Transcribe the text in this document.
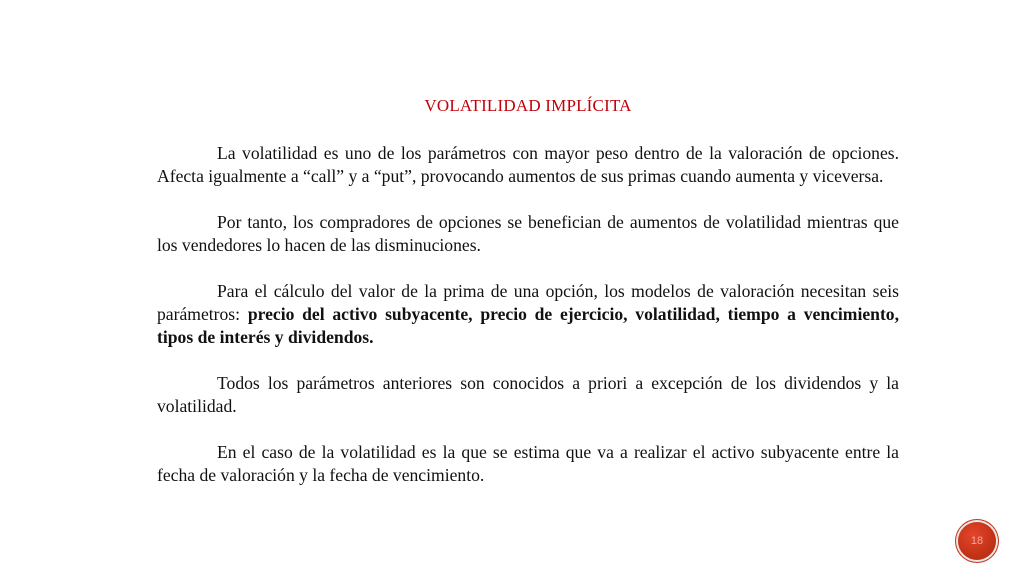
VOLATILIDAD IMPLÍCITA

La volatilidad es uno de los parámetros con mayor peso dentro de la valoración de opciones. Afecta igualmente a “call” y a “put”, provocando aumentos de sus primas cuando aumenta y viceversa.

Por tanto, los compradores de opciones se benefician de aumentos de volatilidad mientras que los vendedores lo hacen de las disminuciones.

Para el cálculo del valor de la prima de una opción, los modelos de valoración necesitan seis parámetros: precio del activo subyacente, precio de ejercicio, volatilidad, tiempo a vencimiento, tipos de interés y dividendos.

Todos los parámetros anteriores son conocidos a priori a excepción de los dividendos y la volatilidad.

En el caso de la volatilidad es la que se estima que va a realizar el activo subyacente entre la fecha de valoración y la fecha de vencimiento.

18
